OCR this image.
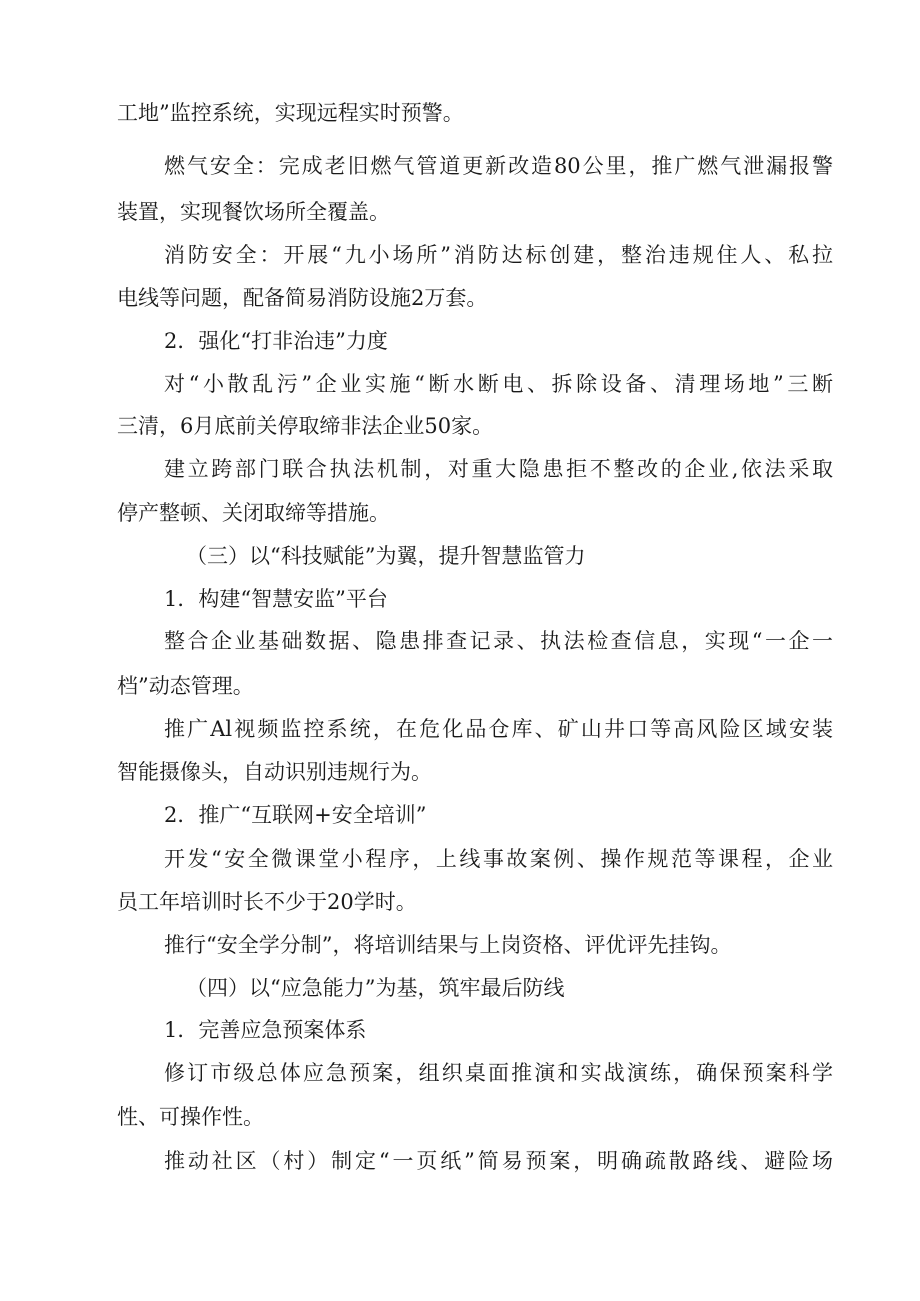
工地”监控系统，实现远程实时预警。
燃气安全：完成老旧燃气管道更新改造80公里，推广燃气泄漏报警
装置，实现餐饮场所全覆盖。
消防安全：开展“九小场所”消防达标创建，整治违规住人、私拉
电线等问题，配备简易消防设施2万套。
2．强化“打非治违”力度
对“小散乱污”企业实施“断水断电、拆除设备、清理场地”三断
三清，6月底前关停取缔非法企业50家。
建立跨部门联合执法机制，对重大隐患拒不整改的企业,依法采取
停产整顿、关闭取缔等措施。
（三）以“科技赋能”为翼，提升智慧监管力
1．构建“智慧安监”平台
整合企业基础数据、隐患排查记录、执法检查信息，实现“一企一
档”动态管理。
推广Al视频监控系统，在危化品仓库、矿山井口等高风险区域安装
智能摄像头，自动识别违规行为。
2．推广“互联网+安全培训”
开发“安全微课堂小程序，上线事故案例、操作规范等课程，企业
员工年培训时长不少于20学时。
推行“安全学分制”，将培训结果与上岗资格、评优评先挂钩。
（四）以“应急能力”为基，筑牢最后防线
1．完善应急预案体系
修订市级总体应急预案，组织桌面推演和实战演练，确保预案科学
性、可操作性。
推动社区（村）制定“一页纸”简易预案，明确疏散路线、避险场
